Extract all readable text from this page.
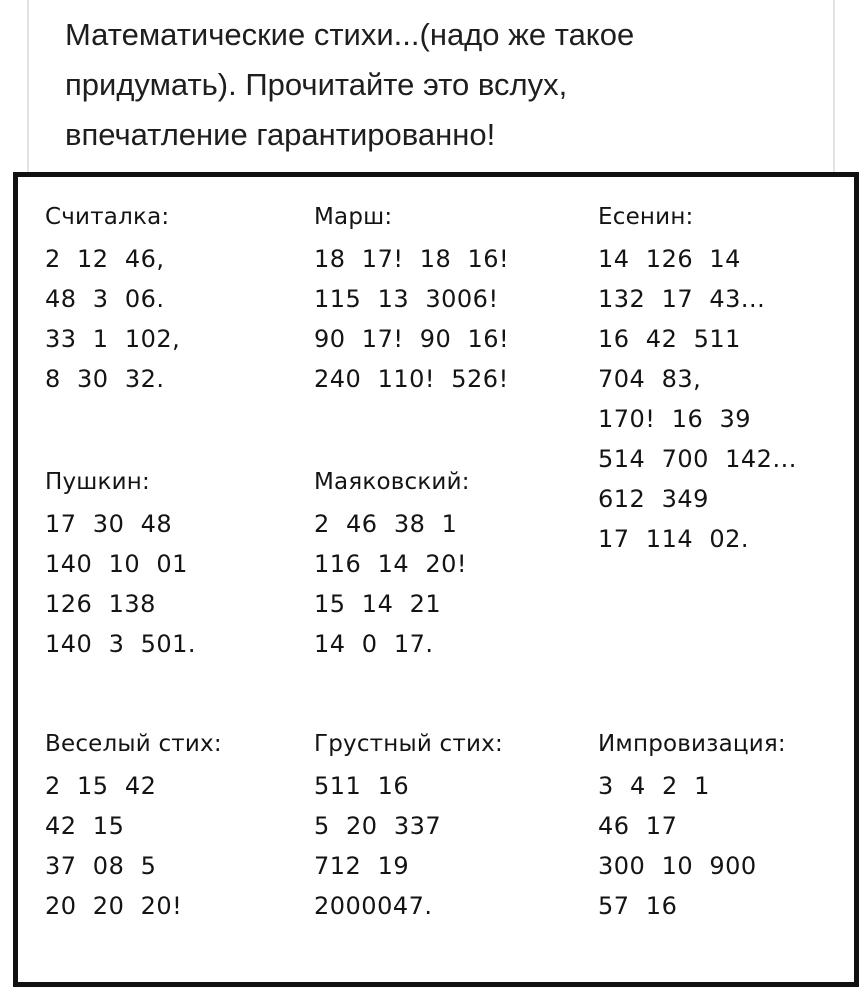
Математические стихи...(надо же такое
придумать). Прочитайте это вслух,
впечатление гарантированно!

Считалка:
2  12  46,
48  3  06.
33  1  102,
8  30  32.
Марш:
18  17!  18  16!
115  13  3006!
90  17!  90  16!
240  110!  526!
Есенин:
14  126  14
132  17  43...
16  42  511
704  83,
170!  16  39
514  700  142...
612  349
17  114  02.
Пушкин:
17  30  48
140  10  01
126  138
140  3  501.
Маяковский:
2  46  38  1
116  14  20!
15  14  21
14  0  17.
Веселый стих:
2  15  42
42  15
37  08  5
20  20  20!
Грустный стих:
511  16
5  20  337
712  19
2000047.
Импровизация:
3  4  2  1
46  17
300  10  900
57  16
